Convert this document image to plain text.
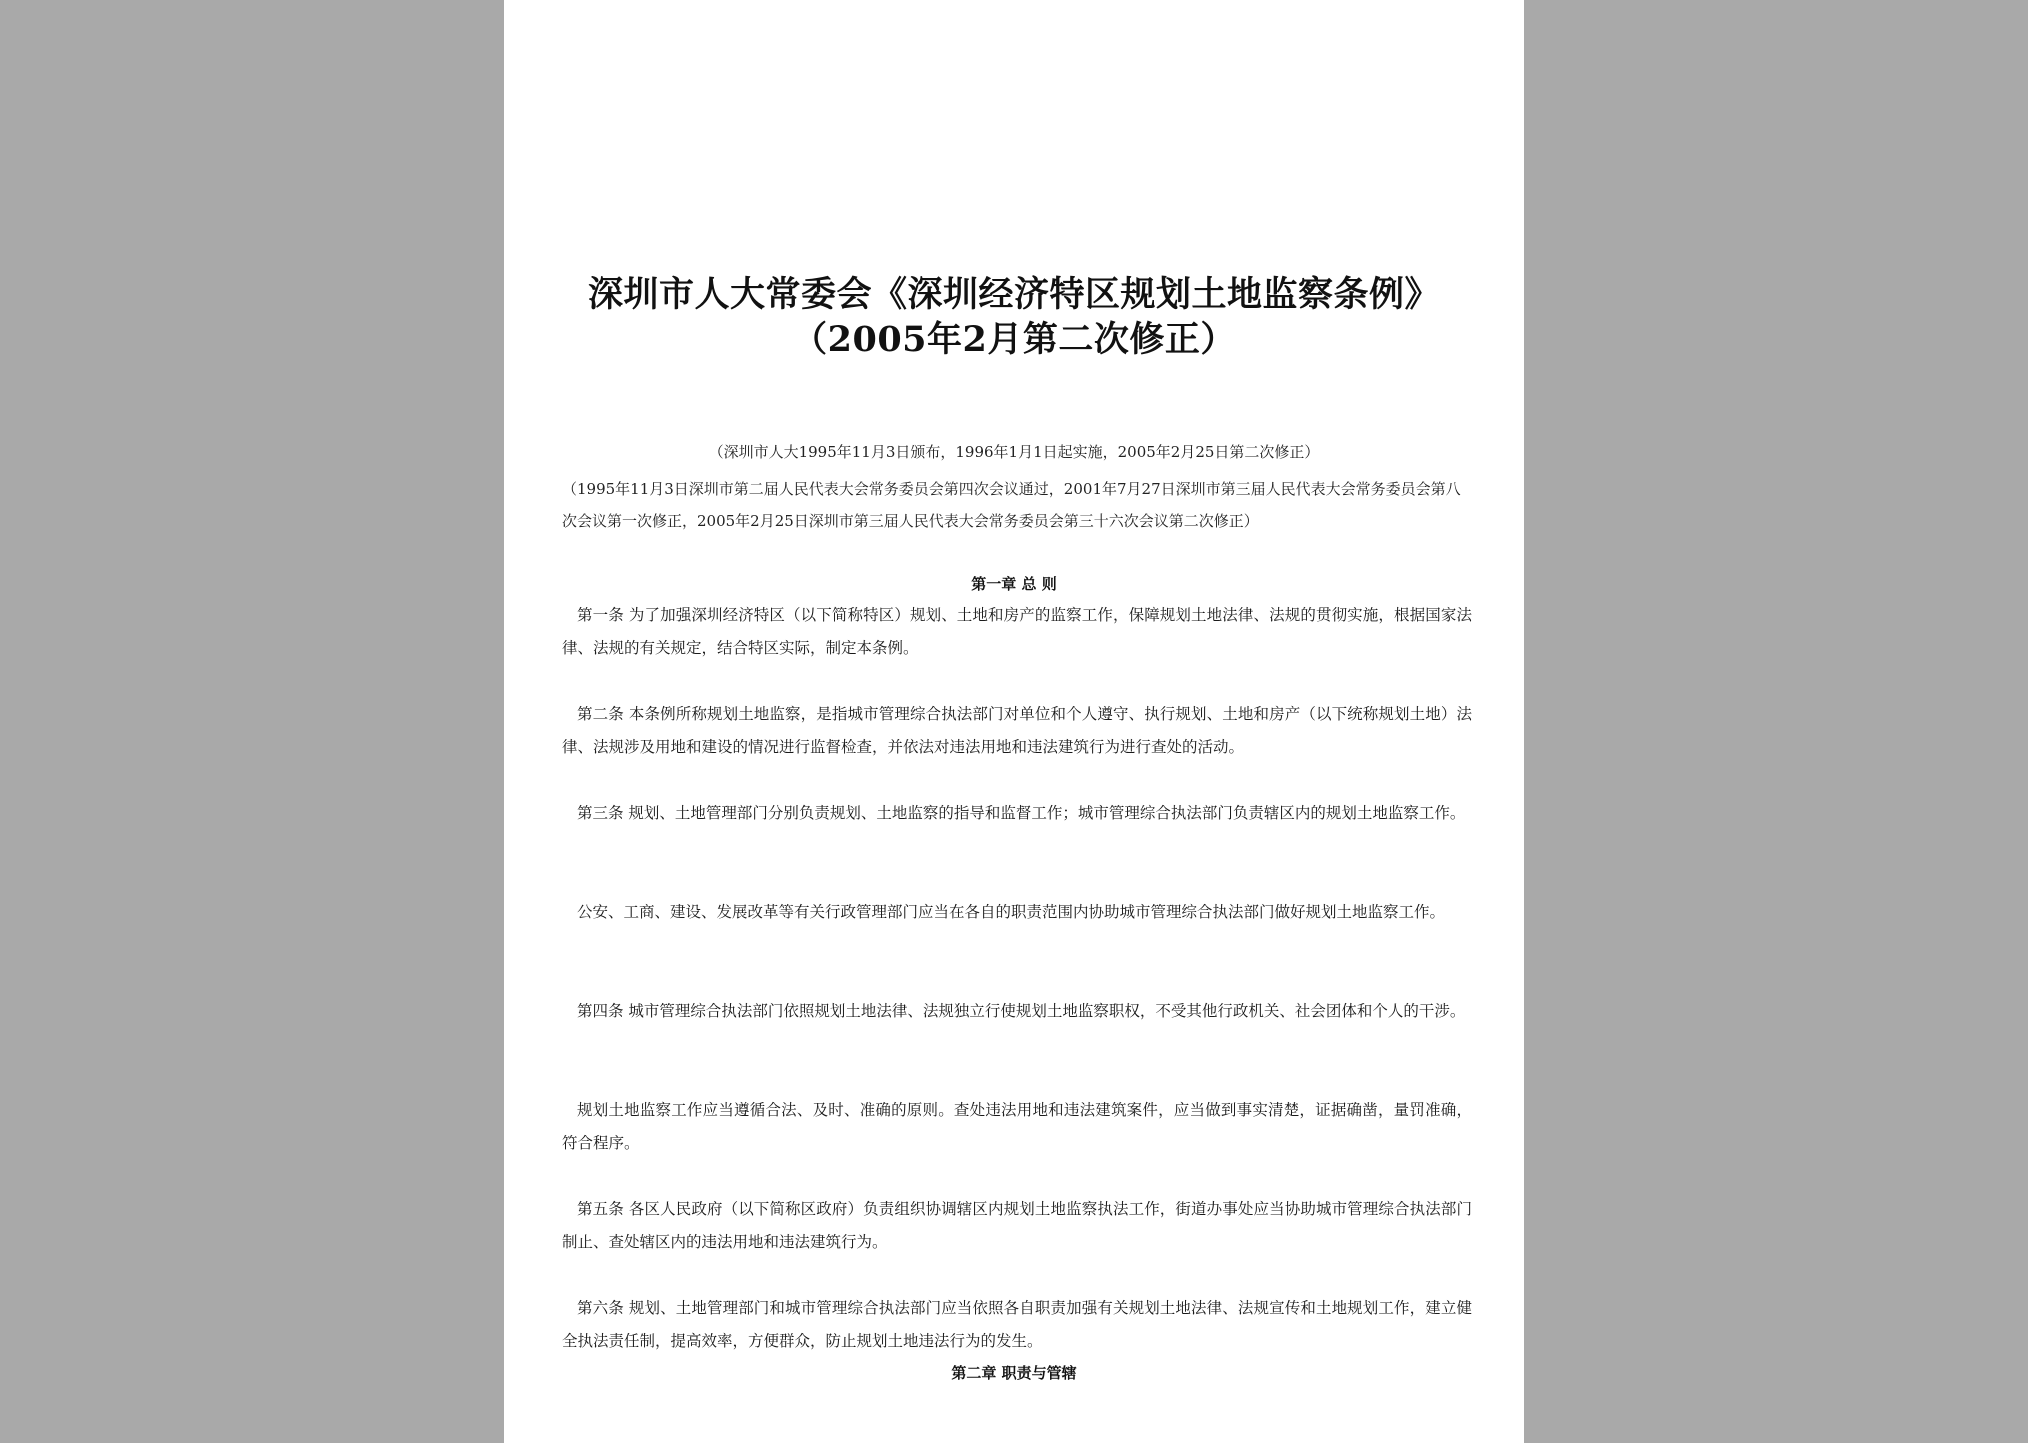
深圳市人大常委会《深圳经济特区规划土地监察条例》
（2005年2月第二次修正）
（深圳市人大1995年11月3日颁布，1996年1月1日起实施，2005年2月25日第二次修正）
（1995年11月3日深圳市第二届人民代表大会常务委员会第四次会议通过，2001年7月27日深圳市第三届人民代表大会常务委员会第八次会议第一次修正，2005年2月25日深圳市第三届人民代表大会常务委员会第三十六次会议第二次修正）
第一章 总 则
第一条 为了加强深圳经济特区（以下简称特区）规划、土地和房产的监察工作，保障规划土地法律、法规的贯彻实施，根据国家法律、法规的有关规定，结合特区实际，制定本条例。
第二条 本条例所称规划土地监察，是指城市管理综合执法部门对单位和个人遵守、执行规划、土地和房产（以下统称规划土地）法律、法规涉及用地和建设的情况进行监督检查，并依法对违法用地和违法建筑行为进行查处的活动。
第三条 规划、土地管理部门分别负责规划、土地监察的指导和监督工作；城市管理综合执法部门负责辖区内的规划土地监察工作。
公安、工商、建设、发展改革等有关行政管理部门应当在各自的职责范围内协助城市管理综合执法部门做好规划土地监察工作。
第四条 城市管理综合执法部门依照规划土地法律、法规独立行使规划土地监察职权，不受其他行政机关、社会团体和个人的干涉。
规划土地监察工作应当遵循合法、及时、准确的原则。查处违法用地和违法建筑案件，应当做到事实清楚，证据确凿，量罚准确，符合程序。
第五条 各区人民政府（以下简称区政府）负责组织协调辖区内规划土地监察执法工作，街道办事处应当协助城市管理综合执法部门制止、查处辖区内的违法用地和违法建筑行为。
第六条 规划、土地管理部门和城市管理综合执法部门应当依照各自职责加强有关规划土地法律、法规宣传和土地规划工作，建立健全执法责任制，提高效率，方便群众，防止规划土地违法行为的发生。
第二章 职责与管辖
